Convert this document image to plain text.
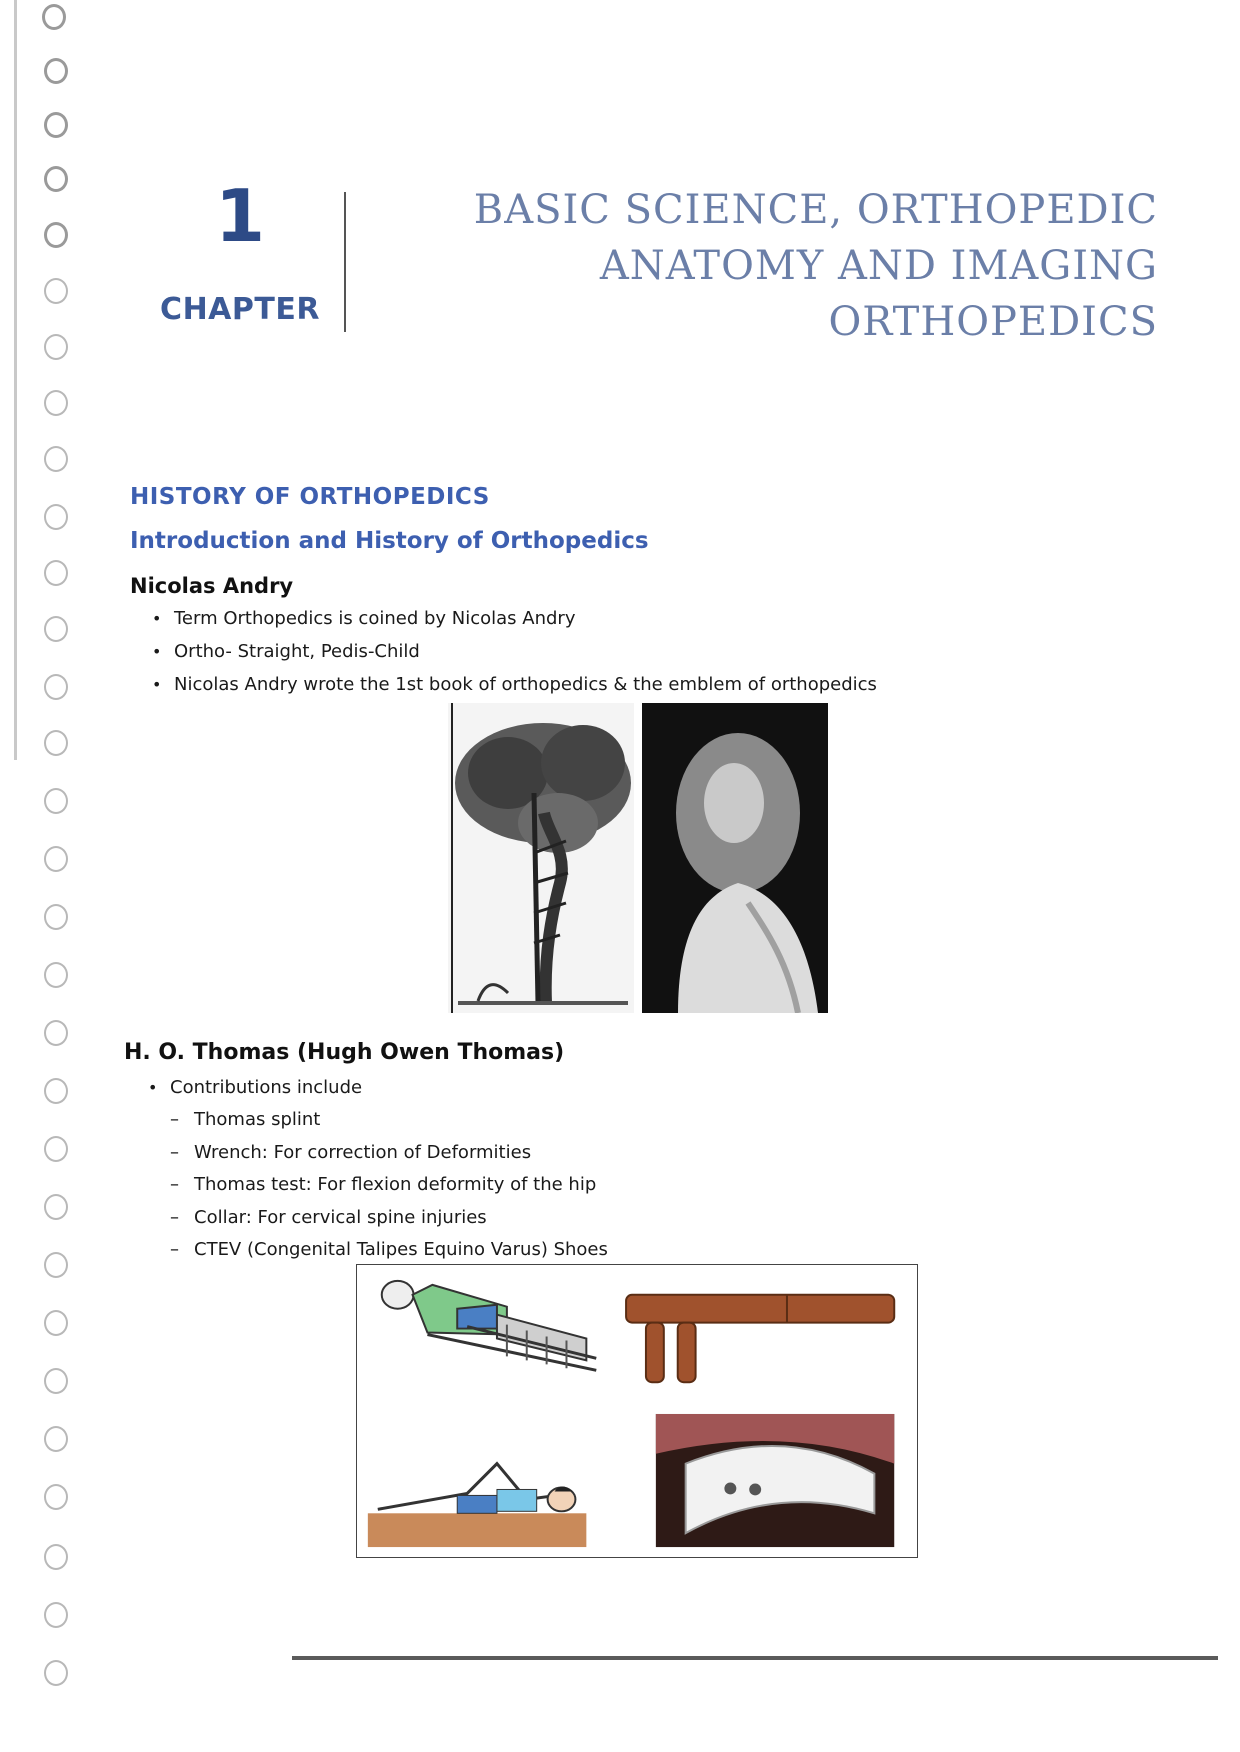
1
CHAPTER
BASIC SCIENCE, ORTHOPEDIC
ANATOMY AND IMAGING
ORTHOPEDICS
HISTORY OF ORTHOPEDICS
Introduction and History of Orthopedics
Nicolas Andry
• Term Orthopedics is coined by Nicolas Andry
• Ortho- Straight, Pedis-Child
• Nicolas Andry wrote the 1st book of orthopedics & the emblem of orthopedics
H. O. Thomas (Hugh Owen Thomas)
• Contributions include
– Thomas splint
– Wrench: For correction of Deformities
– Thomas test: For flexion deformity of the hip
– Collar: For cervical spine injuries
– CTEV (Congenital Talipes Equino Varus) Shoes
